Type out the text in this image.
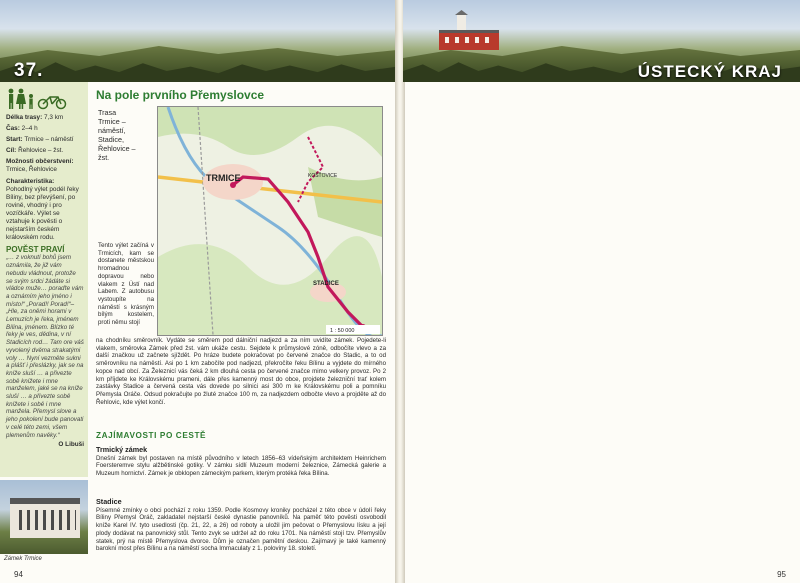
37.
Délka trasy: 7,3 km
Čas: 2–4 h
Start: Trmice – náměstí
Cíl: Řehlovice – žst.
Možnosti občerstvení: Trmice, Řehlovice
Charakteristika:
Pohodlný výlet podél řeky Bíliny, bez převýšení, po rovině, vhodný i pro vozíčkáře. Výlet se vztahuje k pověsti o nejstarším českém královském rodu.
POVĚST PRAVÍ
„… z voknutí bohů jsem oznámila, že již vám nebudu vládnout, protože se svým srdci žádáte si vládce muže… poraďte vám a oznámím jeho jméno i místo!“ „Porad!! Porad!“– „Hle, za oněmi horami v Lemuzích je řeka, jménem Bílina, jménem. Blízko té řeky je ves, dědina, v ní Stadicích rod… Tam ore váš vyvolený dvěma strakatými voly … Nyní vezměte sukni a plášť i přeslázky, jak se na kníže sluší … a přivezte sobě knížete i mne manželem, jaké se na kníže sluší … a přivezte sobě knížete i sobě i mne manžela. Přemysl slove a jeho pokolení bude panovati v celé této zemi, všem plemenům navěky.“
O Libuši
Zámek Trmice
94
Na pole prvního Přemyslovce
Trasa
Trmice –
náměstí,
Stadice,
Řehlovice –
žst.
TRMICE	KOŠŤOVICE
STADICE
1 : 50 000
Tento výlet začíná v Trmicích, kam se dostanete městskou hromadnou dopravou nebo vlakem z Ústí nad Labem. Z autobusu vystoupíte na náměstí s krásným bílým kostelem, proti němu stojí
na chodníku směrovník. Vydáte se směrem pod dálniční nadjezd a za ním uvidíte zámek. Pojedete-li vlakem, směrovka Zámek před žst. vám ukáže cestu. Sejdete k průmyslové zóně, odbočíte vlevo a za další značkou už začnete sjíždět. Po hráze budete pokračovat po červené značce do Stadic, a to od směrovníku na náměstí. Asi po 1 km zabočíte pod nadjezd, překročíte řeku Bílinu a vyjdete do mírného kopce nad obcí. Za Železnicí vás čeká 2 km dlouhá cesta po červené značce mimo velkery provoz. Po 2 km příjdete ke Královskému prameni, dále přes kamenný most do obce, projdete železniční trať kolem zastávky Stadice a červená cesta vás dovede po silnici asi 300 m ke Královskému poli a pomníku Přemysla Oráče. Odsud pokračujte po žluté značce 100 m, za nadjezdem odbočte vlevo a projděte až do Řehlovic, kde výlet končí.
ZAJÍMAVOSTI PO CESTĚ
Trmický zámek
Dnešní zámek byl postaven na místě původního v letech 1856–63 vídeňským architektem Heinrichem Foersteremve stylu alžbětinské gotiky. V zámku sídlí Muzeum moderní železnice, Zámecká galerie a Muzeum hornictví. Zámek je obklopen zámeckým parkem, kterým protéká řeka Bílina.
Stadice
Písemné zmínky o obci pochází z roku 1359. Podle Kosmovy kroniky pocházel z této obce v údolí řeky Bíliny Přemysl Oráč, zakladatel nejstarší české dynastie panovníků. Na paměť této pověsti osvobodil kníže Karel IV. tyto usedlosti (čp. 21, 22, a 26) od roboty a uložil jim pečovat o Přemyslovu lísku a její plody dodávat na panovnický stůl. Tento zvyk se udržel až do roku 1701. Na náměstí stojí tzv. Přemyslův statek, prý na místě Přemyslova dvorce. Dům je označen pamětní deskou. Zajímavý je také kamenný barokní most přes Bílinu a na náměstí socha Immaculaty z 1. poloviny 18. století.
ÚSTECKÝ KRAJ
95
